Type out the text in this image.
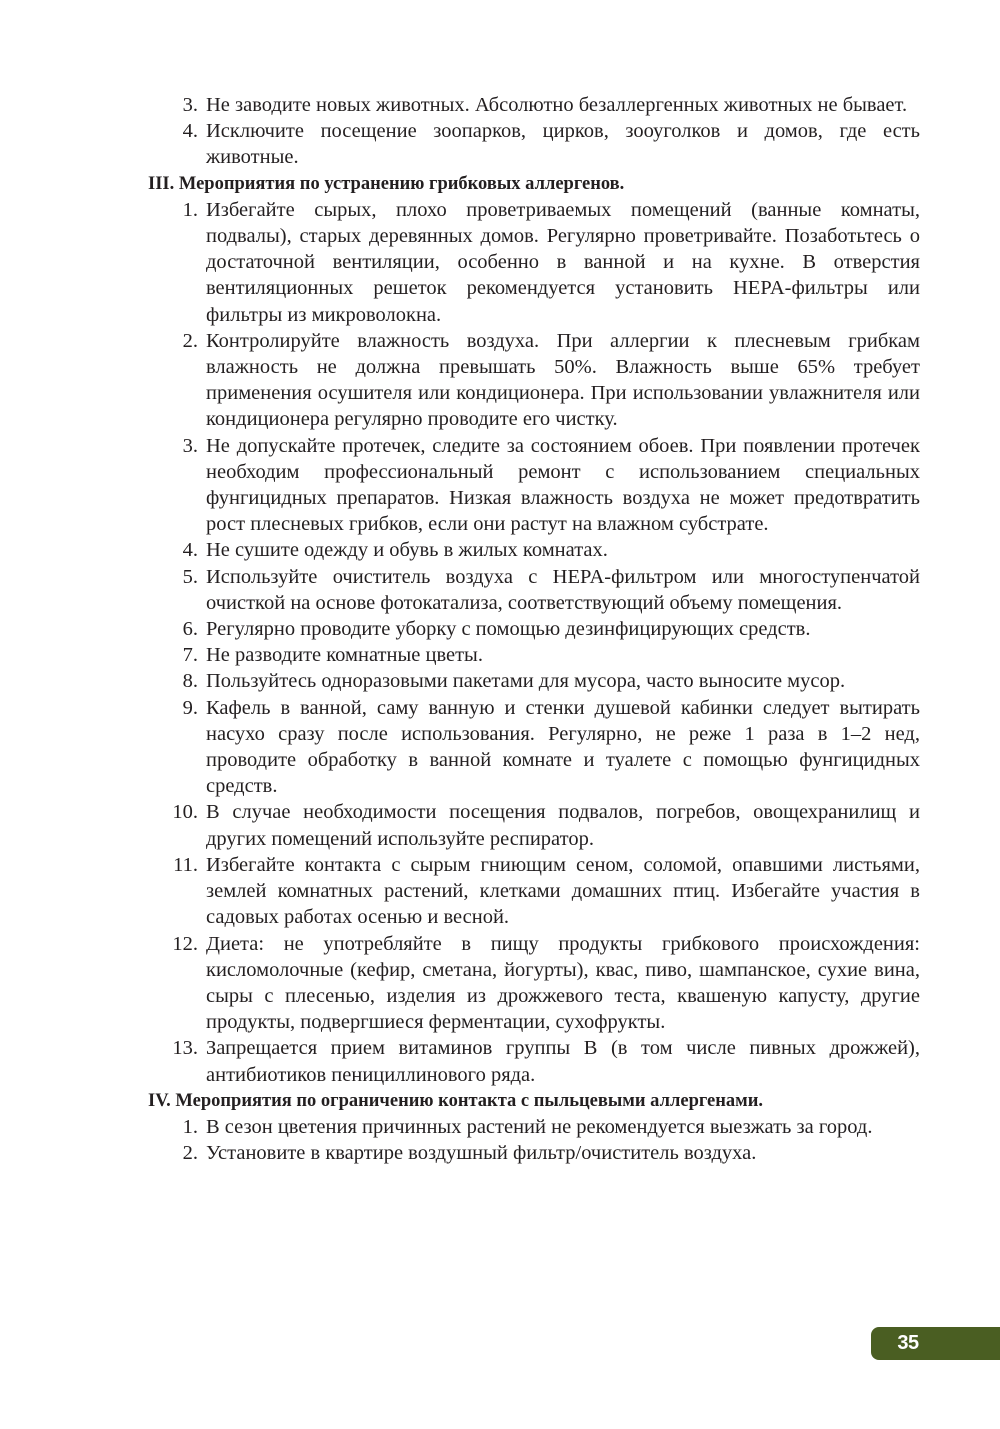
3. Не заводите новых животных. Абсолютно безаллергенных животных не бывает.
4. Исключите посещение зоопарков, цирков, зооуголков и домов, где есть животные.

III. Мероприятия по устранению грибковых аллергенов.

1. Избегайте сырых, плохо проветриваемых помещений (ванные комнаты, подвалы), старых деревянных домов. Регулярно проветривайте. Позаботьтесь о достаточной вентиляции, особенно в ванной и на кухне. В отверстия вентиляционных решеток рекомендуется установить HEPA-фильтры или фильтры из микроволокна.
2. Контролируйте влажность воздуха. При аллергии к плесневым грибкам влажность не должна превышать 50%. Влажность выше 65% требует применения осушителя или кондиционера. При использовании увлажнителя или кондиционера регулярно проводите его чистку.
3. Не допускайте протечек, следите за состоянием обоев. При появлении протечек необходим профессиональный ремонт с использованием специальных фунгицидных препаратов. Низкая влажность воздуха не может предотвратить рост плесневых грибков, если они растут на влажном субстрате.
4. Не сушите одежду и обувь в жилых комнатах.
5. Используйте очиститель воздуха с HEPA-фильтром или многоступенчатой очисткой на основе фотокатализа, соответствующий объему помещения.
6. Регулярно проводите уборку с помощью дезинфицирующих средств.
7. Не разводите комнатные цветы.
8. Пользуйтесь одноразовыми пакетами для мусора, часто выносите мусор.
9. Кафель в ванной, саму ванную и стенки душевой кабинки следует вытирать насухо сразу после использования. Регулярно, не реже 1 раза в 1–2 нед, проводите обработку в ванной комнате и туалете с помощью фунгицидных средств.
10. В случае необходимости посещения подвалов, погребов, овощехранилищ и других помещений используйте респиратор.
11. Избегайте контакта с сырым гниющим сеном, соломой, опавшими листьями, землей комнатных растений, клетками домашних птиц. Избегайте участия в садовых работах осенью и весной.
12. Диета: не употребляйте в пищу продукты грибкового происхождения: кисломолочные (кефир, сметана, йогурты), квас, пиво, шампанское, сухие вина, сыры с плесенью, изделия из дрожжевого теста, квашеную капусту, другие продукты, подвергшиеся ферментации, сухофрукты.
13. Запрещается прием витаминов группы В (в том числе пивных дрожжей), антибиотиков пенициллинового ряда.

IV. Мероприятия по ограничению контакта с пыльцевыми аллергенами.

1. В сезон цветения причинных растений не рекомендуется выезжать за город.
2. Установите в квартире воздушный фильтр/очиститель воздуха.
35
